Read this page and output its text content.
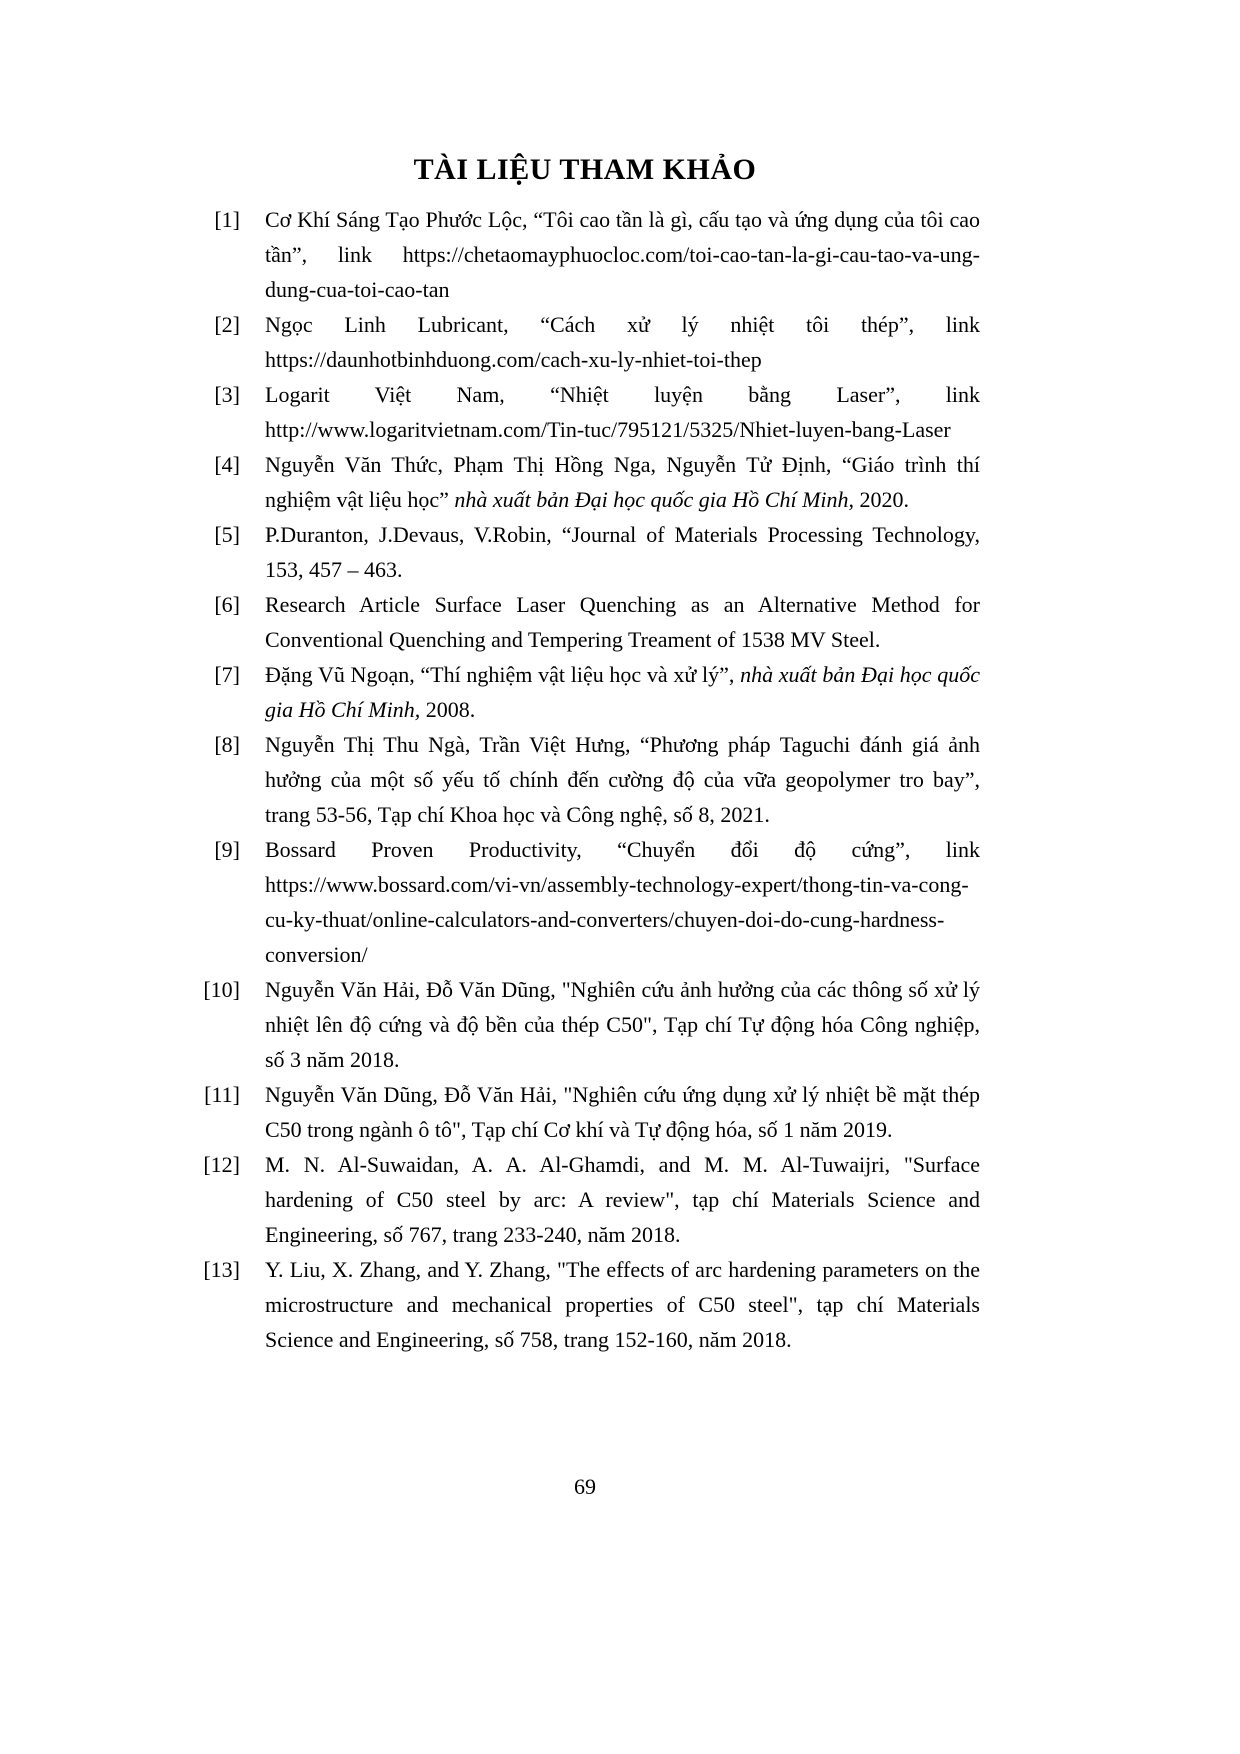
TÀI LIỆU THAM KHẢO
[1] Cơ Khí Sáng Tạo Phước Lộc, “Tôi cao tần là gì, cấu tạo và ứng dụng của tôi cao tần”, link https://chetaomayphuocloc.com/toi-cao-tan-la-gi-cau-tao-va-ung-dung-cua-toi-cao-tan
[2] Ngọc Linh Lubricant, “Cách xử lý nhiệt tôi thép”, link https://daunhotbinhduong.com/cach-xu-ly-nhiet-toi-thep
[3] Logarit Việt Nam, “Nhiệt luyện bằng Laser”, link http://www.logaritvietnam.com/Tin-tuc/795121/5325/Nhiet-luyen-bang-Laser
[4] Nguyễn Văn Thức, Phạm Thị Hồng Nga, Nguyễn Tử Định, “Giáo trình thí nghiệm vật liệu học” nhà xuất bản Đại học quốc gia Hồ Chí Minh, 2020.
[5] P.Duranton, J.Devaus, V.Robin, “Journal of Materials Processing Technology, 153, 457 – 463.
[6] Research Article Surface Laser Quenching as an Alternative Method for Conventional Quenching and Tempering Treament of 1538 MV Steel.
[7] Đặng Vũ Ngoạn, “Thí nghiệm vật liệu học và xử lý”, nhà xuất bản Đại học quốc gia Hồ Chí Minh, 2008.
[8] Nguyễn Thị Thu Ngà, Trần Việt Hưng, “Phương pháp Taguchi đánh giá ảnh hưởng của một số yếu tố chính đến cường độ của vữa geopolymer tro bay”, trang 53-56, Tạp chí Khoa học và Công nghệ, số 8, 2021.
[9] Bossard Proven Productivity, “Chuyển đổi độ cứng”, link https://www.bossard.com/vi-vn/assembly-technology-expert/thong-tin-va-cong-cu-ky-thuat/online-calculators-and-converters/chuyen-doi-do-cung-hardness-conversion/
[10] Nguyễn Văn Hải, Đỗ Văn Dũng, "Nghiên cứu ảnh hưởng của các thông số xử lý nhiệt lên độ cứng và độ bền của thép C50", Tạp chí Tự động hóa Công nghiệp, số 3 năm 2018.
[11] Nguyễn Văn Dũng, Đỗ Văn Hải, "Nghiên cứu ứng dụng xử lý nhiệt bề mặt thép C50 trong ngành ô tô", Tạp chí Cơ khí và Tự động hóa, số 1 năm 2019.
[12] M. N. Al-Suwaidan, A. A. Al-Ghamdi, and M. M. Al-Tuwaijri, "Surface hardening of C50 steel by arc: A review", tạp chí Materials Science and Engineering, số 767, trang 233-240, năm 2018.
[13] Y. Liu, X. Zhang, and Y. Zhang, "The effects of arc hardening parameters on the microstructure and mechanical properties of C50 steel", tạp chí Materials Science and Engineering, số 758, trang 152-160, năm 2018.
69
